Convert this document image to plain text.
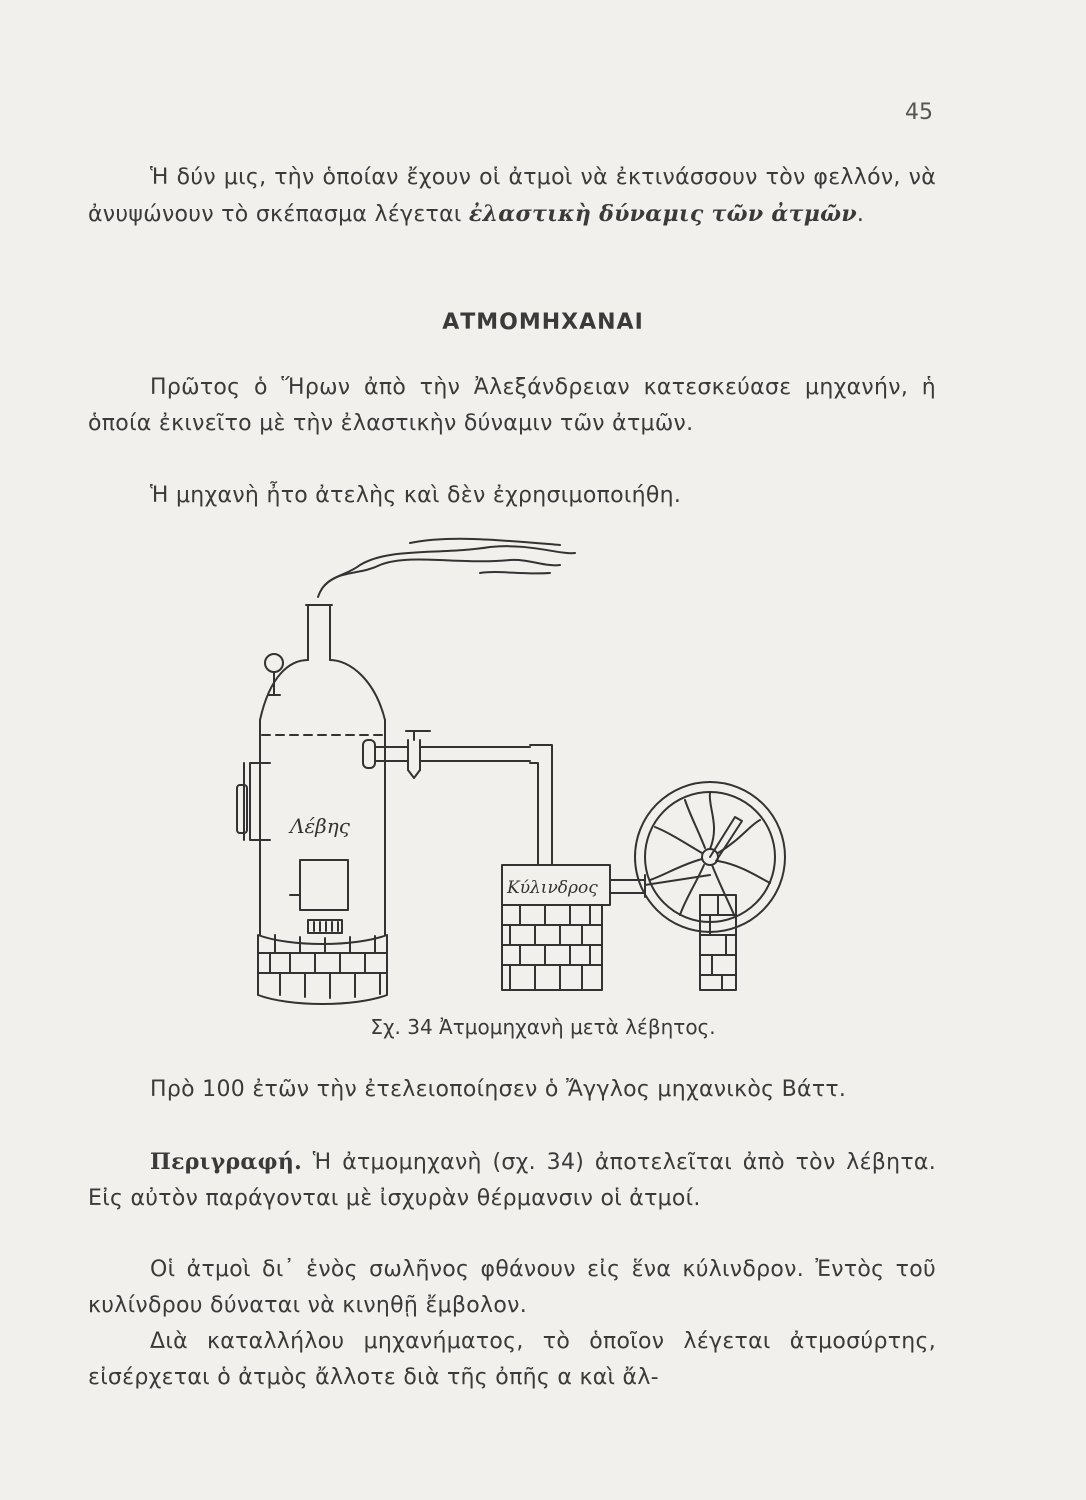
45

Ἡ δύν μις, τὴν ὁποίαν ἔχουν οἱ ἀτμοὶ νὰ ἐκτινάσσουν τὸν φελλόν, νὰ ἀνυψώνουν τὸ σκέπασμα λέγεται ἐλαστικὴ δύναμις τῶν ἀτμῶν.

ΑΤΜΟΜΗΧΑΝΑΙ

Πρῶτος ὁ Ἥρων ἀπὸ τὴν Ἀλεξάνδρειαν κατεσκεύασε μηχανήν, ἡ ὁποία ἐκινεῖτο μὲ τὴν ἐλαστικὴν δύναμιν τῶν ἀτμῶν.

Ἡ μηχανὴ ἦτο ἀτελὴς καὶ δὲν ἐχρησιμοποιήθη.

Λέβης
Κύλινδρος

Σχ. 34 Ἀτμομηχανὴ μετὰ λέβητος.

Πρὸ 100 ἐτῶν τὴν ἐτελειοποίησεν ὁ Ἄγγλος μηχανικὸς Βάττ.

Περιγραφή. Ἡ ἀτμομηχανὴ (σχ. 34) ἀποτελεῖται ἀπὸ τὸν λέβητα. Εἰς αὐτὸν παράγονται μὲ ἰσχυρὰν θέρμανσιν οἱ ἀτμοί.

Οἱ ἀτμοὶ δι᾿ ἑνὸς σωλῆνος φθάνουν εἰς ἕνα κύλινδρον. Ἐντὸς τοῦ κυλίνδρου δύναται νὰ κινηθῇ ἔμβολον.

Διὰ καταλλήλου μηχανήματος, τὸ ὁποῖον λέγεται ἀτμοσύρτης, εἰσέρχεται ὁ ἀτμὸς ἄλλοτε διὰ τῆς ὀπῆς α καὶ ἄλ-
